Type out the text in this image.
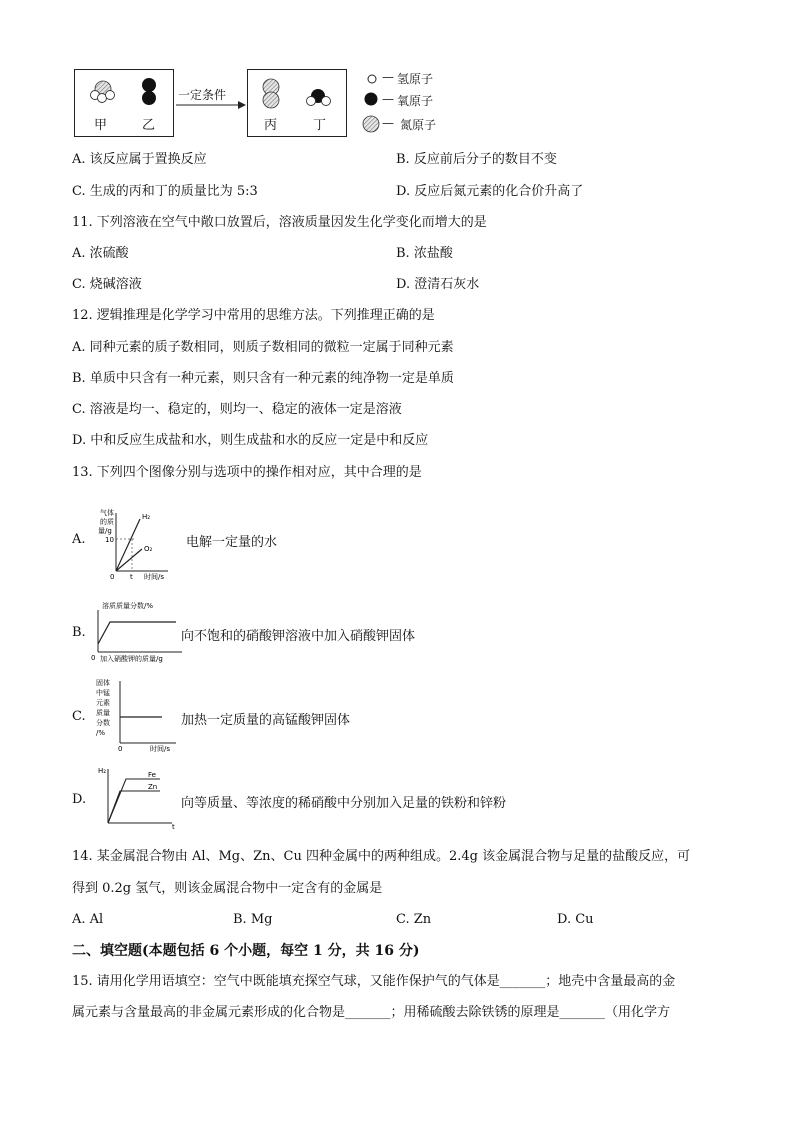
甲	乙
一定条件
丙	丁
— 氢原子
— 氧原子
— 氮原子
A. 该反应属于置换反应	B. 反应前后分子的数目不变
C. 生成的丙和丁的质量比为 5:3	D. 反应后氮元素的化合价升高了
11. 下列溶液在空气中敞口放置后，溶液质量因发生化学变化而增大的是
A. 浓硫酸	B. 浓盐酸
C. 烧碱溶液	D. 澄清石灰水
12. 逻辑推理是化学学习中常用的思维方法。下列推理正确的是
A. 同种元素的质子数相同，则质子数相同的微粒一定属于同种元素
B. 单质中只含有一种元素，则只含有一种元素的纯净物一定是单质
C. 溶液是均一、稳定的，则均一、稳定的液体一定是溶液
D. 中和反应生成盐和水，则生成盐和水的反应一定是中和反应
13. 下列四个图像分别与选项中的操作相对应，其中合理的是
A.
气体
的质
量/g
10
0 t 时间/s
H₂
O₂	电解一定量的水
B.
溶质质量分数/%
0 加入硝酸钾的质量/g
向不饱和的硝酸钾溶液中加入硝酸钾固体
C.
固体
中锰
元素
质量
分数
/%
0	时间/s
加热一定质量的高锰酸钾固体
D.
H₂	Fe
Zn
t
向等质量、等浓度的稀硝酸中分别加入足量的铁粉和锌粉
14. 某金属混合物由 Al、Mg、Zn、Cu 四种金属中的两种组成。2.4g 该金属混合物与足量的盐酸反应，可
得到 0.2g 氢气，则该金属混合物中一定含有的金属是
A. Al	B. Mg	C. Zn	D. Cu
二、填空题(本题包括 6 个小题，每空 1 分，共 16 分)
15. 请用化学用语填空：空气中既能填充探空气球，又能作保护气的气体是_______；地壳中含量最高的金
属元素与含量最高的非金属元素形成的化合物是_______；用稀硫酸去除铁锈的原理是_______（用化学方
